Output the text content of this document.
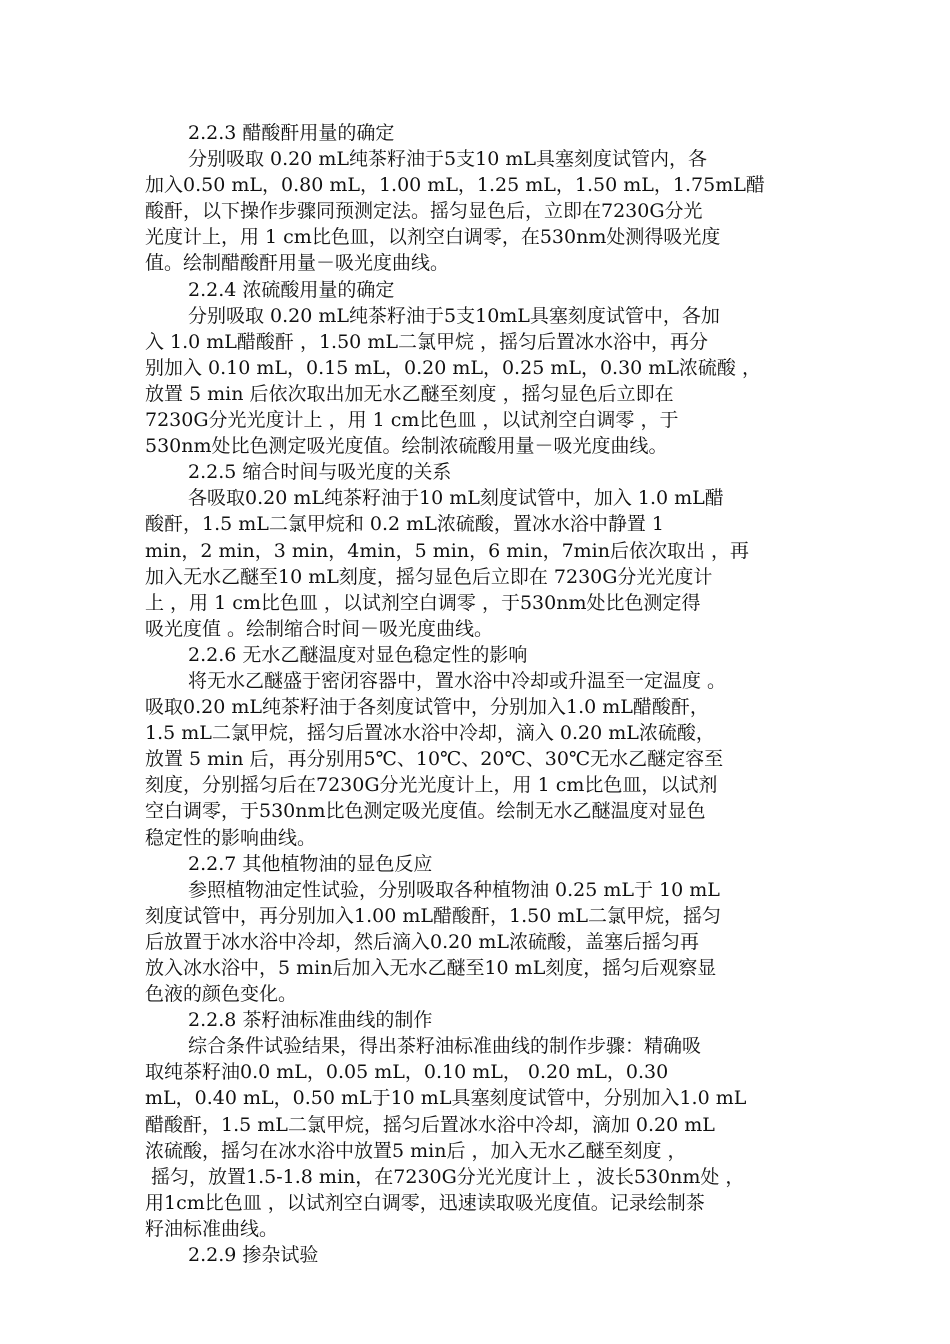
2.2.3 醋酸酐用量的确定
分别吸取 0.20 mL纯茶籽油于5支10 mL具塞刻度试管内，各
加入0.50 mL，0.80 mL，1.00 mL，1.25 mL，1.50 mL，1.75mL醋
酸酐，以下操作步骤同预测定法。摇匀显色后，立即在7230G分光
光度计上，用 1 cm比色皿，以剂空白调零，在530nm处测得吸光度
值。绘制醋酸酐用量－吸光度曲线。
2.2.4 浓硫酸用量的确定
分别吸取 0.20 mL纯茶籽油于5支10mL具塞刻度试管中，各加
入 1.0 mL醋酸酐 ，1.50 mL二氯甲烷 ，摇匀后置冰水浴中，再分
别加入 0.10 mL，0.15 mL，0.20 mL，0.25 mL，0.30 mL浓硫酸 ，
放置 5 min 后依次取出加无水乙醚至刻度 ，摇匀显色后立即在
7230G分光光度计上 ，用 1 cm比色皿 ，以试剂空白调零 ，于
530nm处比色测定吸光度值。绘制浓硫酸用量－吸光度曲线。
2.2.5 缩合时间与吸光度的关系
各吸取0.20 mL纯茶籽油于10 mL刻度试管中，加入 1.0 mL醋
酸酐，1.5 mL二氯甲烷和 0.2 mL浓硫酸，置冰水浴中静置 1
min，2 min，3 min，4min，5 min，6 min，7min后依次取出 ，再
加入无水乙醚至10 mL刻度，摇匀显色后立即在 7230G分光光度计
上 ，用 1 cm比色皿 ，以试剂空白调零 ，于530nm处比色测定得
吸光度值 。绘制缩合时间－吸光度曲线。
2.2.6 无水乙醚温度对显色稳定性的影响
将无水乙醚盛于密闭容器中，置水浴中冷却或升温至一定温度 。
吸取0.20 mL纯茶籽油于各刻度试管中，分别加入1.0 mL醋酸酐，
1.5 mL二氯甲烷，摇匀后置冰水浴中冷却，滴入 0.20 mL浓硫酸，
放置 5 min 后，再分别用5℃、10℃、20℃、30℃无水乙醚定容至
刻度，分别摇匀后在7230G分光光度计上，用 1 cm比色皿，以试剂
空白调零，于530nm比色测定吸光度值。绘制无水乙醚温度对显色
稳定性的影响曲线。
2.2.7 其他植物油的显色反应
参照植物油定性试验，分别吸取各种植物油 0.25 mL于 10 mL
刻度试管中，再分别加入1.00 mL醋酸酐，1.50 mL二氯甲烷，摇匀
后放置于冰水浴中冷却，然后滴入0.20 mL浓硫酸，盖塞后摇匀再
放入冰水浴中，5 min后加入无水乙醚至10 mL刻度，摇匀后观察显
色液的颜色变化。
2.2.8 茶籽油标准曲线的制作
综合条件试验结果，得出茶籽油标准曲线的制作步骤：精确吸
取纯茶籽油0.0 mL，0.05 mL，0.10 mL， 0.20 mL，0.30
mL，0.40 mL，0.50 mL于10 mL具塞刻度试管中，分别加入1.0 mL
醋酸酐，1.5 mL二氯甲烷，摇匀后置冰水浴中冷却，滴加 0.20 mL
浓硫酸，摇匀在冰水浴中放置5 min后 ，加入无水乙醚至刻度 ，
摇匀，放置1.5-1.8 min，在7230G分光光度计上 ，波长530nm处 ，
用1cm比色皿 ，以试剂空白调零，迅速读取吸光度值。记录绘制茶
籽油标准曲线。
2.2.9 掺杂试验
